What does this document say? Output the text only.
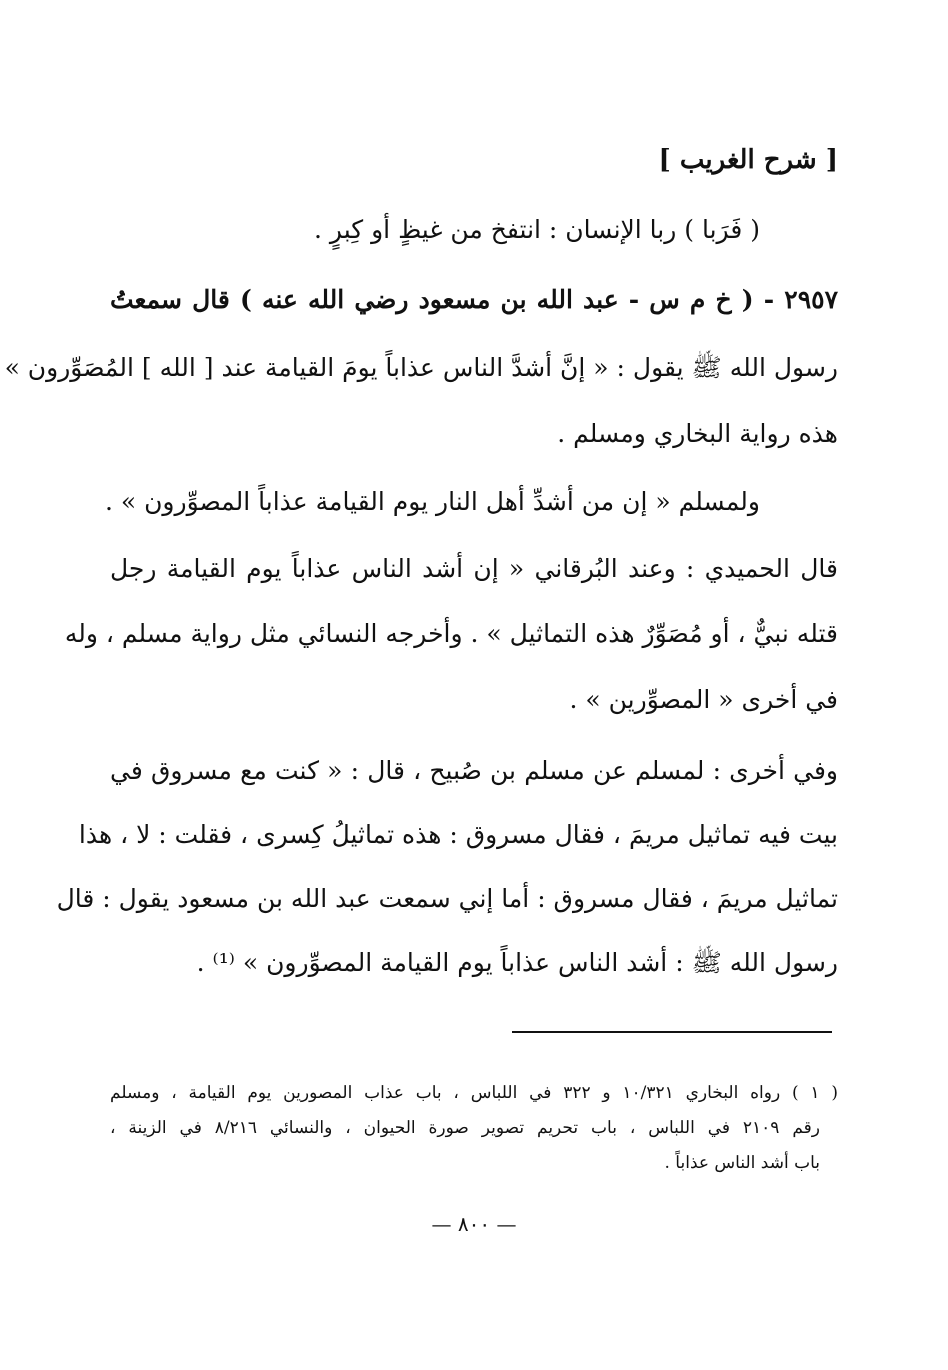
[ شرح الغريب ]
( فَرَبا ) ربا الإنسان : انتفخ من غيظٍ أو كِبرٍ .
٢٩٥٧ - ( خ م س - عبد الله بن مسعود رضي الله عنه ) قال سمعتُ
رسول الله ﷺ يقول : « إنَّ أشدَّ الناس عذاباً يومَ القيامة عند [ الله ] المُصَوِّرون »
هذه رواية البخاري ومسلم .
ولمسلم « إن من أشدِّ أهل النار يوم القيامة عذاباً المصوِّرون » .
قال الحميدي : وعند البُرقاني « إن أشد الناس عذاباً يوم القيامة رجل
قتله نبيٌّ ، أو مُصَوِّرٌ هذه التماثيل » . وأخرجه النسائي مثل رواية مسلم ، وله
في أخرى « المصوِّرين » .
وفي أخرى : لمسلم عن مسلم بن صُبيح ، قال : « كنت مع مسروق في
بيت فيه تماثيل مريمَ ، فقال مسروق : هذه تماثيلُ كِسرى ، فقلت : لا ، هذا
تماثيل مريمَ ، فقال مسروق : أما إني سمعت عبد الله بن مسعود يقول : قال
رسول الله ﷺ : أشد الناس عذاباً يوم القيامة المصوِّرون » ⁽¹⁾ .
( ١ ) رواه البخاري ١٠/٣٢١ و ٣٢٢ في اللباس ، باب عذاب المصورين يوم القيامة ، ومسلم
رقم ٢١٠٩ في اللباس ، باب تحريم تصوير صورة الحيوان ، والنسائي ٨/٢١٦ في الزينة ،
باب أشد الناس عذاباً .
— ٨٠٠ —
